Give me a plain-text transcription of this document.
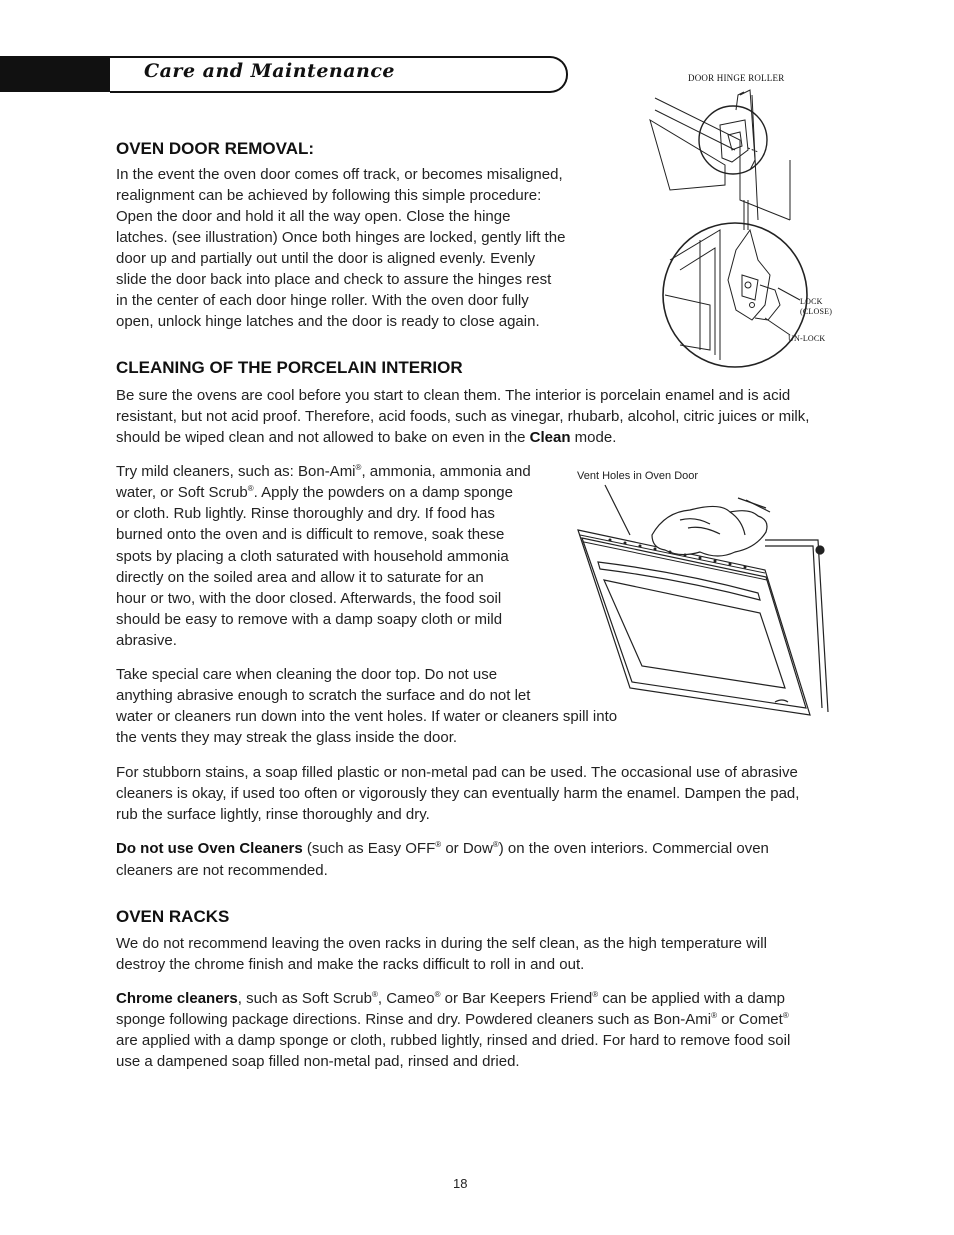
Care and Maintenance	DOOR HINGE ROLLER
LOCK
(CLOSE)
UN-LOCK
Vent Holes in Oven Door
OVEN DOOR REMOVAL:

In the event the oven door comes off track, or becomes misaligned,

realignment can be achieved by following this simple procedure:

Open the door and hold it all the way open. Close the hinge

latches. (see illustration) Once both hinges are locked, gently lift the

door up and partially out until the door is aligned evenly. Evenly

slide the door back into place and check to assure the hinges rest

in the center of each door hinge roller. With the oven door fully

open, unlock hinge latches and the door is ready to close again.

CLEANING OF THE PORCELAIN INTERIOR

Be sure the ovens are cool before you start to clean them. The interior is porcelain enamel and is acid

resistant, but not acid proof. Therefore, acid foods, such as vinegar, rhubarb, alcohol, citric juices or milk,

should be wiped clean and not allowed to bake on even in the Clean mode.

Try mild cleaners, such as: Bon-Ami®, ammonia, ammonia and

water, or Soft Scrub®. Apply the powders on a damp sponge

or cloth. Rub lightly. Rinse thoroughly and dry. If food has

burned onto the oven and is difficult to remove, soak these

spots by placing a cloth saturated with household ammonia

directly on the soiled area and allow it to saturate for an

hour or two, with the door closed. Afterwards, the food soil

should be easy to remove with a damp soapy cloth or mild

abrasive.

Take special care when cleaning the door top. Do not use

anything abrasive enough to scratch the surface and do not let

water or cleaners run down into the vent holes. If water or cleaners spill into

the vents they may streak the glass inside the door.

For stubborn stains, a soap filled plastic or non-metal pad can be used. The occasional use of abrasive

cleaners is okay, if used too often or vigorously they can eventually harm the enamel. Dampen the pad,

rub the surface lightly, rinse thoroughly and dry.

Do not use Oven Cleaners (such as Easy OFF® or Dow®) on the oven interiors. Commercial oven

cleaners are not recommended.

OVEN RACKS

We do not recommend leaving the oven racks in during the self clean, as the high temperature will

destroy the chrome finish and make the racks difficult to roll in and out.

Chrome cleaners, such as Soft Scrub®, Cameo® or Bar Keepers Friend® can be applied with a damp

sponge following package directions. Rinse and dry. Powdered cleaners such as Bon-Ami® or Comet®

are applied with a damp sponge or cloth, rubbed lightly, rinsed and dried. For hard to remove food soil

use a dampened soap filled non-metal pad, rinsed and dried.

18
